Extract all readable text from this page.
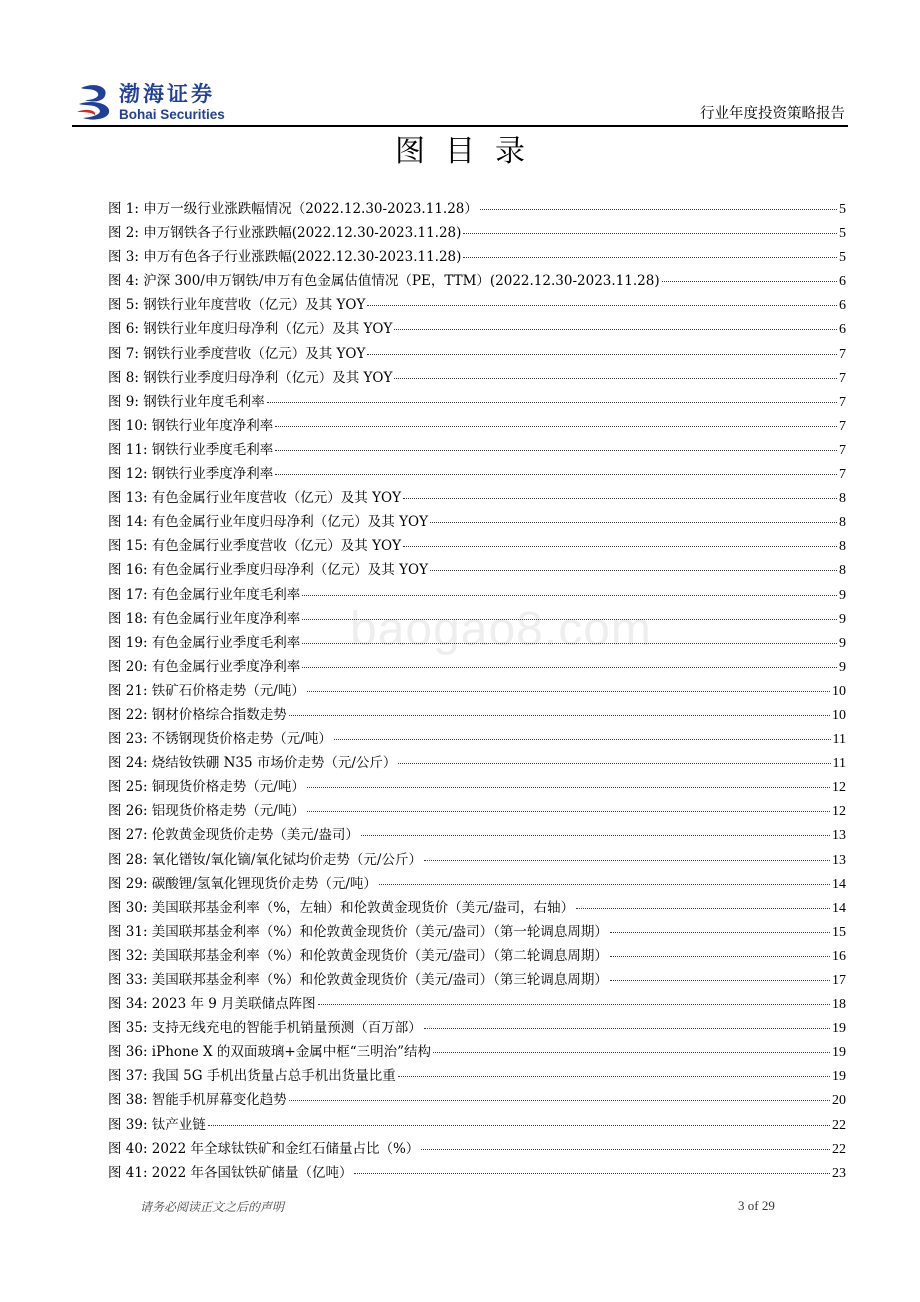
渤海证券
Bohai Securities	行业年度投资策略报告
图目录
baogao8.com
图 1: 申万一级行业涨跌幅情况（2022.12.30-2023.11.28）	5
图 2: 申万钢铁各子行业涨跌幅(2022.12.30-2023.11.28)	5
图 3: 申万有色各子行业涨跌幅(2022.12.30-2023.11.28)	5
图 4: 沪深 300/申万钢铁/申万有色金属估值情况（PE，TTM）(2022.12.30-2023.11.28)	6
图 5: 钢铁行业年度营收（亿元）及其 YOY	6
图 6: 钢铁行业年度归母净利（亿元）及其 YOY	6
图 7: 钢铁行业季度营收（亿元）及其 YOY	7
图 8: 钢铁行业季度归母净利（亿元）及其 YOY	7
图 9: 钢铁行业年度毛利率	7
图 10: 钢铁行业年度净利率	7
图 11: 钢铁行业季度毛利率	7
图 12: 钢铁行业季度净利率	7
图 13: 有色金属行业年度营收（亿元）及其 YOY	8
图 14: 有色金属行业年度归母净利（亿元）及其 YOY	8
图 15: 有色金属行业季度营收（亿元）及其 YOY	8
图 16: 有色金属行业季度归母净利（亿元）及其 YOY	8
图 17: 有色金属行业年度毛利率	9
图 18: 有色金属行业年度净利率	9
图 19: 有色金属行业季度毛利率	9
图 20: 有色金属行业季度净利率	9
图 21: 铁矿石价格走势（元/吨）	10
图 22: 钢材价格综合指数走势	10
图 23: 不锈钢现货价格走势（元/吨）	11
图 24: 烧结钕铁硼 N35 市场价走势（元/公斤）	11
图 25: 铜现货价格走势（元/吨）	12
图 26: 铝现货价格走势（元/吨）	12
图 27: 伦敦黄金现货价走势（美元/盎司）	13
图 28: 氧化镨钕/氧化镝/氧化铽均价走势（元/公斤）	13
图 29: 碳酸锂/氢氧化锂现货价走势（元/吨）	14
图 30: 美国联邦基金利率（%，左轴）和伦敦黄金现货价（美元/盎司，右轴）	14
图 31: 美国联邦基金利率（%）和伦敦黄金现货价（美元/盎司）（第一轮调息周期）	15
图 32: 美国联邦基金利率（%）和伦敦黄金现货价（美元/盎司）（第二轮调息周期）	16
图 33: 美国联邦基金利率（%）和伦敦黄金现货价（美元/盎司）（第三轮调息周期）	17
图 34: 2023 年 9 月美联储点阵图	18
图 35: 支持无线充电的智能手机销量预测（百万部）	19
图 36: iPhone X 的双面玻璃+金属中框“三明治”结构	19
图 37: 我国 5G 手机出货量占总手机出货量比重	19
图 38: 智能手机屏幕变化趋势	20
图 39: 钛产业链	22
图 40: 2022 年全球钛铁矿和金红石储量占比（%）	22
图 41: 2022 年各国钛铁矿储量（亿吨）	23
请务必阅读正文之后的声明	3 of 29
